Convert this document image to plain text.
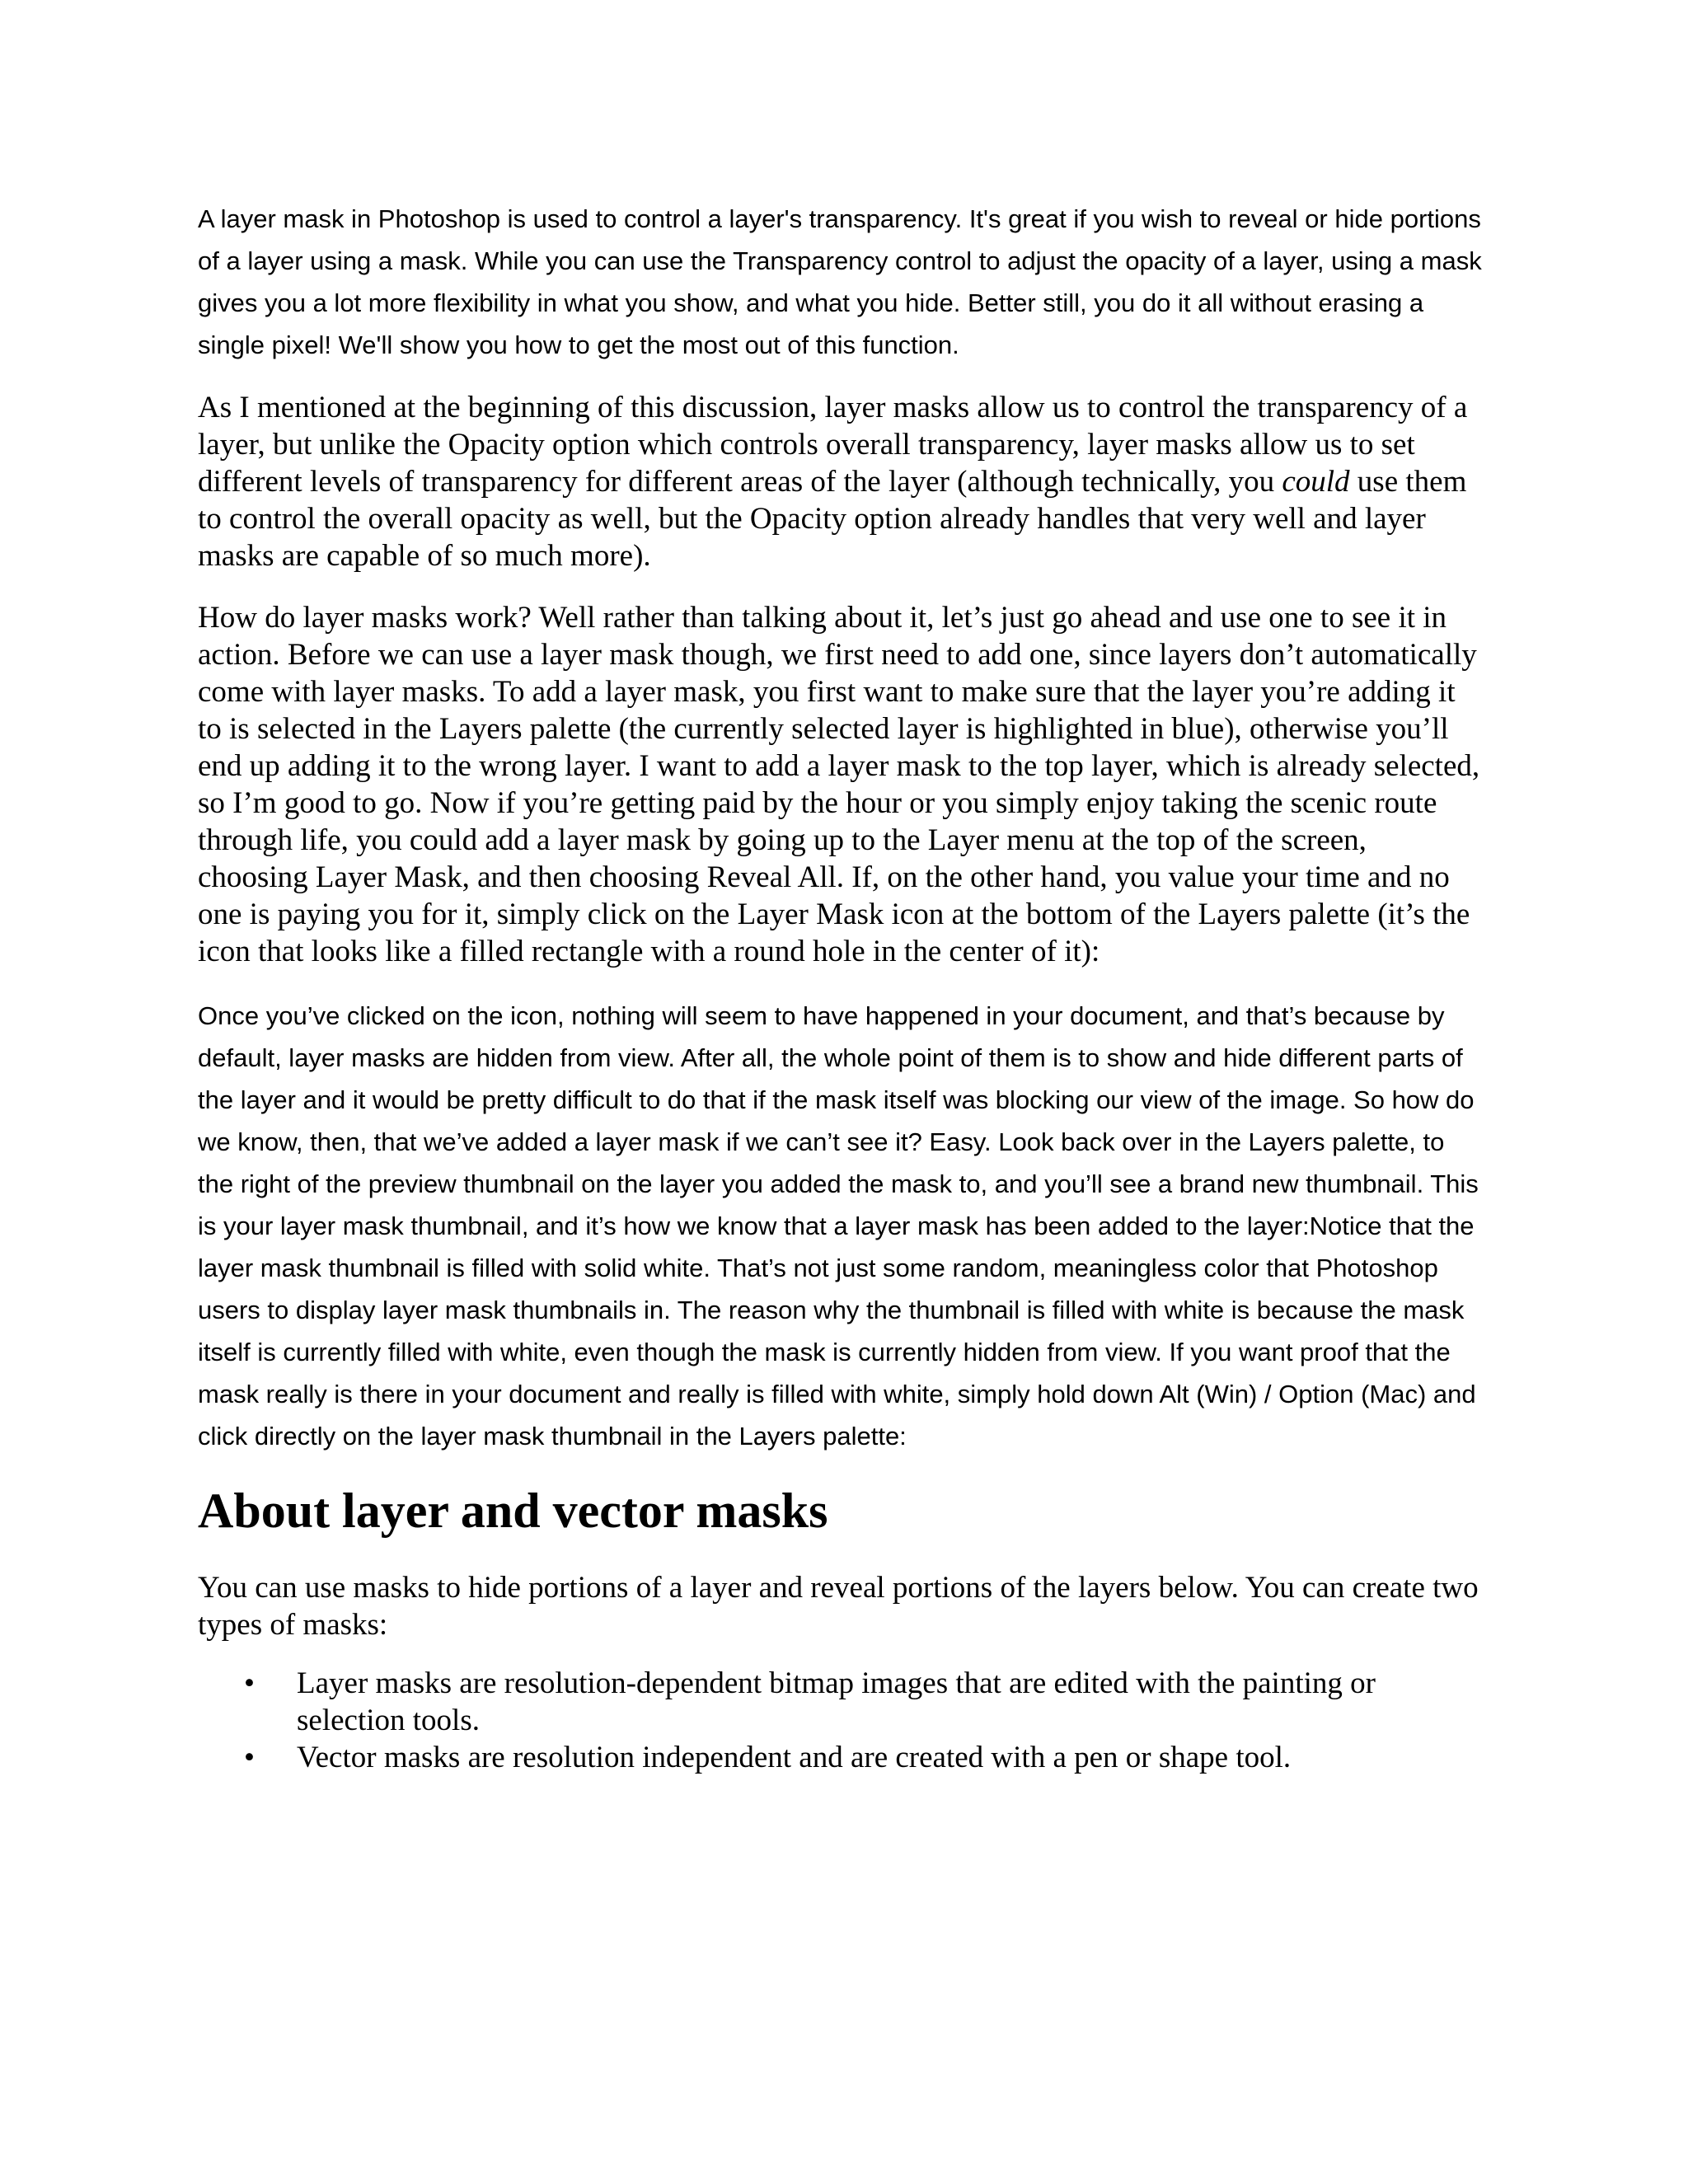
A layer mask in Photoshop is used to control a layer's transparency. It's great if you wish to reveal or hide portions of a layer using a mask. While you can use the Transparency control to adjust the opacity of a layer, using a mask gives you a lot more flexibility in what you show, and what you hide. Better still, you do it all without erasing a single pixel! We'll show you how to get the most out of this function.

As I mentioned at the beginning of this discussion, layer masks allow us to control the transparency of a layer, but unlike the Opacity option which controls overall transparency, layer masks allow us to set different levels of transparency for different areas of the layer (although technically, you could use them to control the overall opacity as well, but the Opacity option already handles that very well and layer masks are capable of so much more).

How do layer masks work? Well rather than talking about it, let’s just go ahead and use one to see it in action. Before we can use a layer mask though, we first need to add one, since layers don’t automatically come with layer masks. To add a layer mask, you first want to make sure that the layer you’re adding it to is selected in the Layers palette (the currently selected layer is highlighted in blue), otherwise you’ll end up adding it to the wrong layer. I want to add a layer mask to the top layer, which is already selected, so I’m good to go. Now if you’re getting paid by the hour or you simply enjoy taking the scenic route through life, you could add a layer mask by going up to the Layer menu at the top of the screen, choosing Layer Mask, and then choosing Reveal All. If, on the other hand, you value your time and no one is paying you for it, simply click on the Layer Mask icon at the bottom of the Layers palette (it’s the icon that looks like a filled rectangle with a round hole in the center of it):

Once you’ve clicked on the icon, nothing will seem to have happened in your document, and that’s because by default, layer masks are hidden from view. After all, the whole point of them is to show and hide different parts of the layer and it would be pretty difficult to do that if the mask itself was blocking our view of the image. So how do we know, then, that we’ve added a layer mask if we can’t see it? Easy. Look back over in the Layers palette, to the right of the preview thumbnail on the layer you added the mask to, and you’ll see a brand new thumbnail. This is your layer mask thumbnail, and it’s how we know that a layer mask has been added to the layer:Notice that the layer mask thumbnail is filled with solid white. That’s not just some random, meaningless color that Photoshop users to display layer mask thumbnails in. The reason why the thumbnail is filled with white is because the mask itself is currently filled with white, even though the mask is currently hidden from view. If you want proof that the mask really is there in your document and really is filled with white, simply hold down Alt (Win) / Option (Mac) and click directly on the layer mask thumbnail in the Layers palette:

About layer and vector masks

You can use masks to hide portions of a layer and reveal portions of the layers below. You can create two types of masks:

• Layer masks are resolution-dependent bitmap images that are edited with the painting or selection tools.
• Vector masks are resolution independent and are created with a pen or shape tool.
